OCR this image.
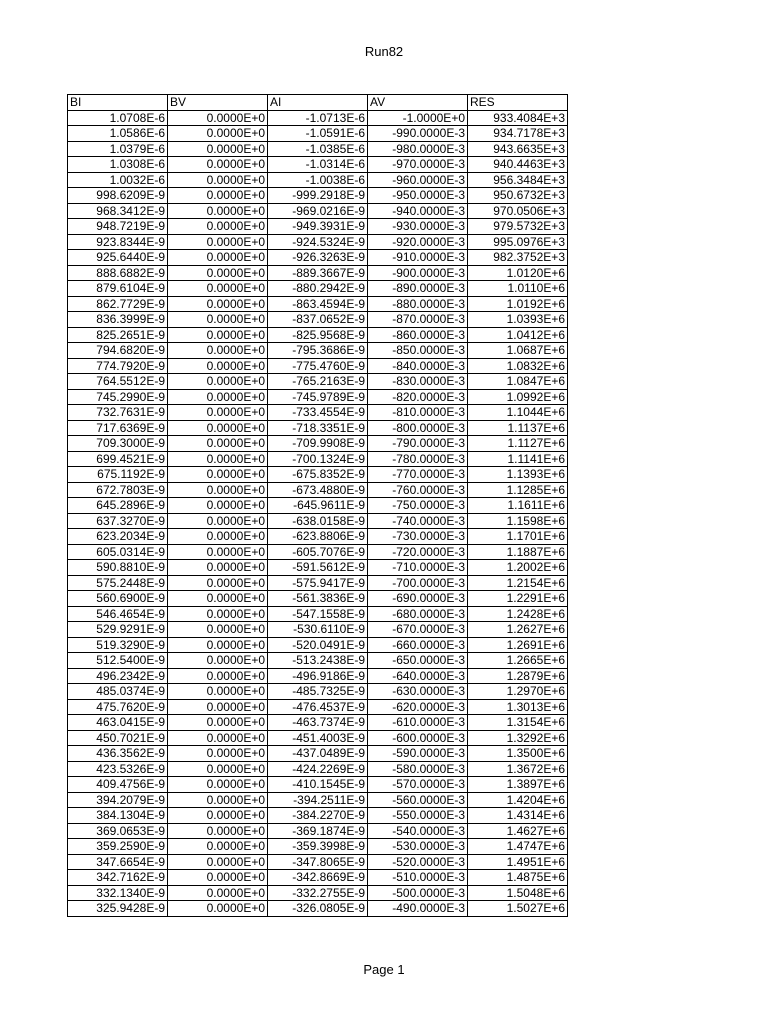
Run82
BI	BV	AI	AV	RES
1.0708E-6	0.0000E+0	-1.0713E-6	-1.0000E+0	933.4084E+3
1.0586E-6	0.0000E+0	-1.0591E-6	-990.0000E-3	934.7178E+3
1.0379E-6	0.0000E+0	-1.0385E-6	-980.0000E-3	943.6635E+3
1.0308E-6	0.0000E+0	-1.0314E-6	-970.0000E-3	940.4463E+3
1.0032E-6	0.0000E+0	-1.0038E-6	-960.0000E-3	956.3484E+3
998.6209E-9	0.0000E+0	-999.2918E-9	-950.0000E-3	950.6732E+3
968.3412E-9	0.0000E+0	-969.0216E-9	-940.0000E-3	970.0506E+3
948.7219E-9	0.0000E+0	-949.3931E-9	-930.0000E-3	979.5732E+3
923.8344E-9	0.0000E+0	-924.5324E-9	-920.0000E-3	995.0976E+3
925.6440E-9	0.0000E+0	-926.3263E-9	-910.0000E-3	982.3752E+3
888.6882E-9	0.0000E+0	-889.3667E-9	-900.0000E-3	1.0120E+6
879.6104E-9	0.0000E+0	-880.2942E-9	-890.0000E-3	1.0110E+6
862.7729E-9	0.0000E+0	-863.4594E-9	-880.0000E-3	1.0192E+6
836.3999E-9	0.0000E+0	-837.0652E-9	-870.0000E-3	1.0393E+6
825.2651E-9	0.0000E+0	-825.9568E-9	-860.0000E-3	1.0412E+6
794.6820E-9	0.0000E+0	-795.3686E-9	-850.0000E-3	1.0687E+6
774.7920E-9	0.0000E+0	-775.4760E-9	-840.0000E-3	1.0832E+6
764.5512E-9	0.0000E+0	-765.2163E-9	-830.0000E-3	1.0847E+6
745.2990E-9	0.0000E+0	-745.9789E-9	-820.0000E-3	1.0992E+6
732.7631E-9	0.0000E+0	-733.4554E-9	-810.0000E-3	1.1044E+6
717.6369E-9	0.0000E+0	-718.3351E-9	-800.0000E-3	1.1137E+6
709.3000E-9	0.0000E+0	-709.9908E-9	-790.0000E-3	1.1127E+6
699.4521E-9	0.0000E+0	-700.1324E-9	-780.0000E-3	1.1141E+6
675.1192E-9	0.0000E+0	-675.8352E-9	-770.0000E-3	1.1393E+6
672.7803E-9	0.0000E+0	-673.4880E-9	-760.0000E-3	1.1285E+6
645.2896E-9	0.0000E+0	-645.9611E-9	-750.0000E-3	1.1611E+6
637.3270E-9	0.0000E+0	-638.0158E-9	-740.0000E-3	1.1598E+6
623.2034E-9	0.0000E+0	-623.8806E-9	-730.0000E-3	1.1701E+6
605.0314E-9	0.0000E+0	-605.7076E-9	-720.0000E-3	1.1887E+6
590.8810E-9	0.0000E+0	-591.5612E-9	-710.0000E-3	1.2002E+6
575.2448E-9	0.0000E+0	-575.9417E-9	-700.0000E-3	1.2154E+6
560.6900E-9	0.0000E+0	-561.3836E-9	-690.0000E-3	1.2291E+6
546.4654E-9	0.0000E+0	-547.1558E-9	-680.0000E-3	1.2428E+6
529.9291E-9	0.0000E+0	-530.6110E-9	-670.0000E-3	1.2627E+6
519.3290E-9	0.0000E+0	-520.0491E-9	-660.0000E-3	1.2691E+6
512.5400E-9	0.0000E+0	-513.2438E-9	-650.0000E-3	1.2665E+6
496.2342E-9	0.0000E+0	-496.9186E-9	-640.0000E-3	1.2879E+6
485.0374E-9	0.0000E+0	-485.7325E-9	-630.0000E-3	1.2970E+6
475.7620E-9	0.0000E+0	-476.4537E-9	-620.0000E-3	1.3013E+6
463.0415E-9	0.0000E+0	-463.7374E-9	-610.0000E-3	1.3154E+6
450.7021E-9	0.0000E+0	-451.4003E-9	-600.0000E-3	1.3292E+6
436.3562E-9	0.0000E+0	-437.0489E-9	-590.0000E-3	1.3500E+6
423.5326E-9	0.0000E+0	-424.2269E-9	-580.0000E-3	1.3672E+6
409.4756E-9	0.0000E+0	-410.1545E-9	-570.0000E-3	1.3897E+6
394.2079E-9	0.0000E+0	-394.2511E-9	-560.0000E-3	1.4204E+6
384.1304E-9	0.0000E+0	-384.2270E-9	-550.0000E-3	1.4314E+6
369.0653E-9	0.0000E+0	-369.1874E-9	-540.0000E-3	1.4627E+6
359.2590E-9	0.0000E+0	-359.3998E-9	-530.0000E-3	1.4747E+6
347.6654E-9	0.0000E+0	-347.8065E-9	-520.0000E-3	1.4951E+6
342.7162E-9	0.0000E+0	-342.8669E-9	-510.0000E-3	1.4875E+6
332.1340E-9	0.0000E+0	-332.2755E-9	-500.0000E-3	1.5048E+6
325.9428E-9	0.0000E+0	-326.0805E-9	-490.0000E-3	1.5027E+6
Page 1
